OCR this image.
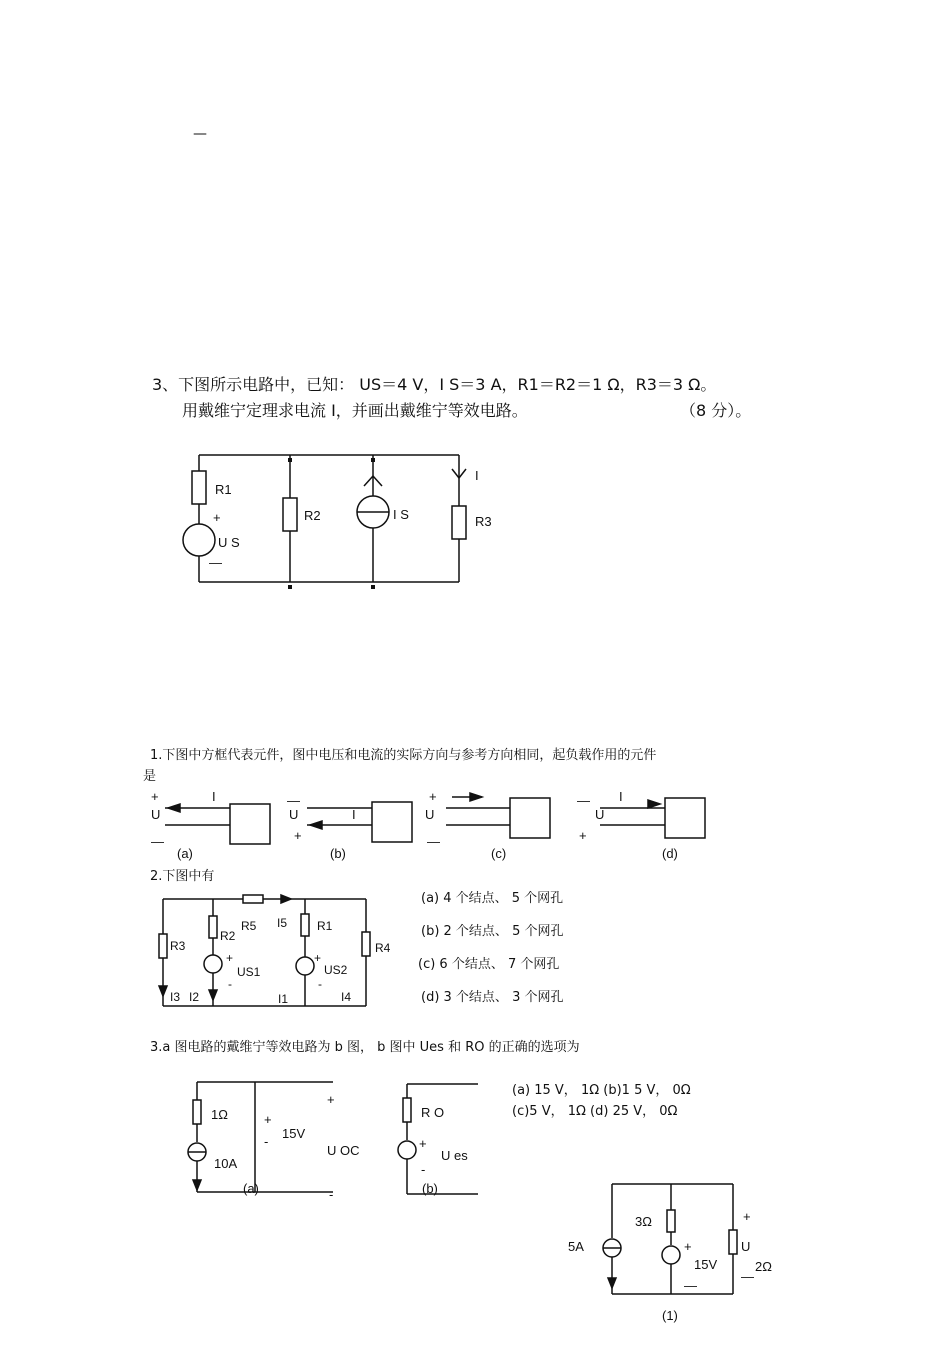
—
3、下图所示电路中，已知： US＝4 V，I S＝3 A，R1＝R2＝1 Ω，R3＝3 Ω。
用戴维宁定理求电流 I，并画出戴维宁等效电路。	（8 分）。
1.下图中方框代表元件，图中电压和电流的实际方向与参考方向相同，起负载作用的元件
是
2.下图中有
(a) 4 个结点、 5 个网孔
(b) 2 个结点、 5 个网孔
(c) 6 个结点、 7 个网孔
(d) 3 个结点、 3 个网孔
3.a 图电路的戴维宁等效电路为 b 图， b 图中 Ues 和 RO 的正确的选项为
(a) 15 V， 1Ω (b)1 5 V， 0Ω
(c)5 V， 1Ω (d) 25 V， 0Ω
R1
+
U S
—
R2	I S
I
R3
+
U
—
I
(a)
—
U	I
+
(b)
+
U
—
(c)
—
U
I
+
(d)
R3
R2
R5 I5 R1
R4
+
US1
-
+
US2
-
I3 I2	I1	I4
1Ω	+
15V
-
10A
+
U OC
-
(a)
R O
+
U es
-
(b)
5A
3Ω
+
15V
—
+
U
—
2Ω
(1)
